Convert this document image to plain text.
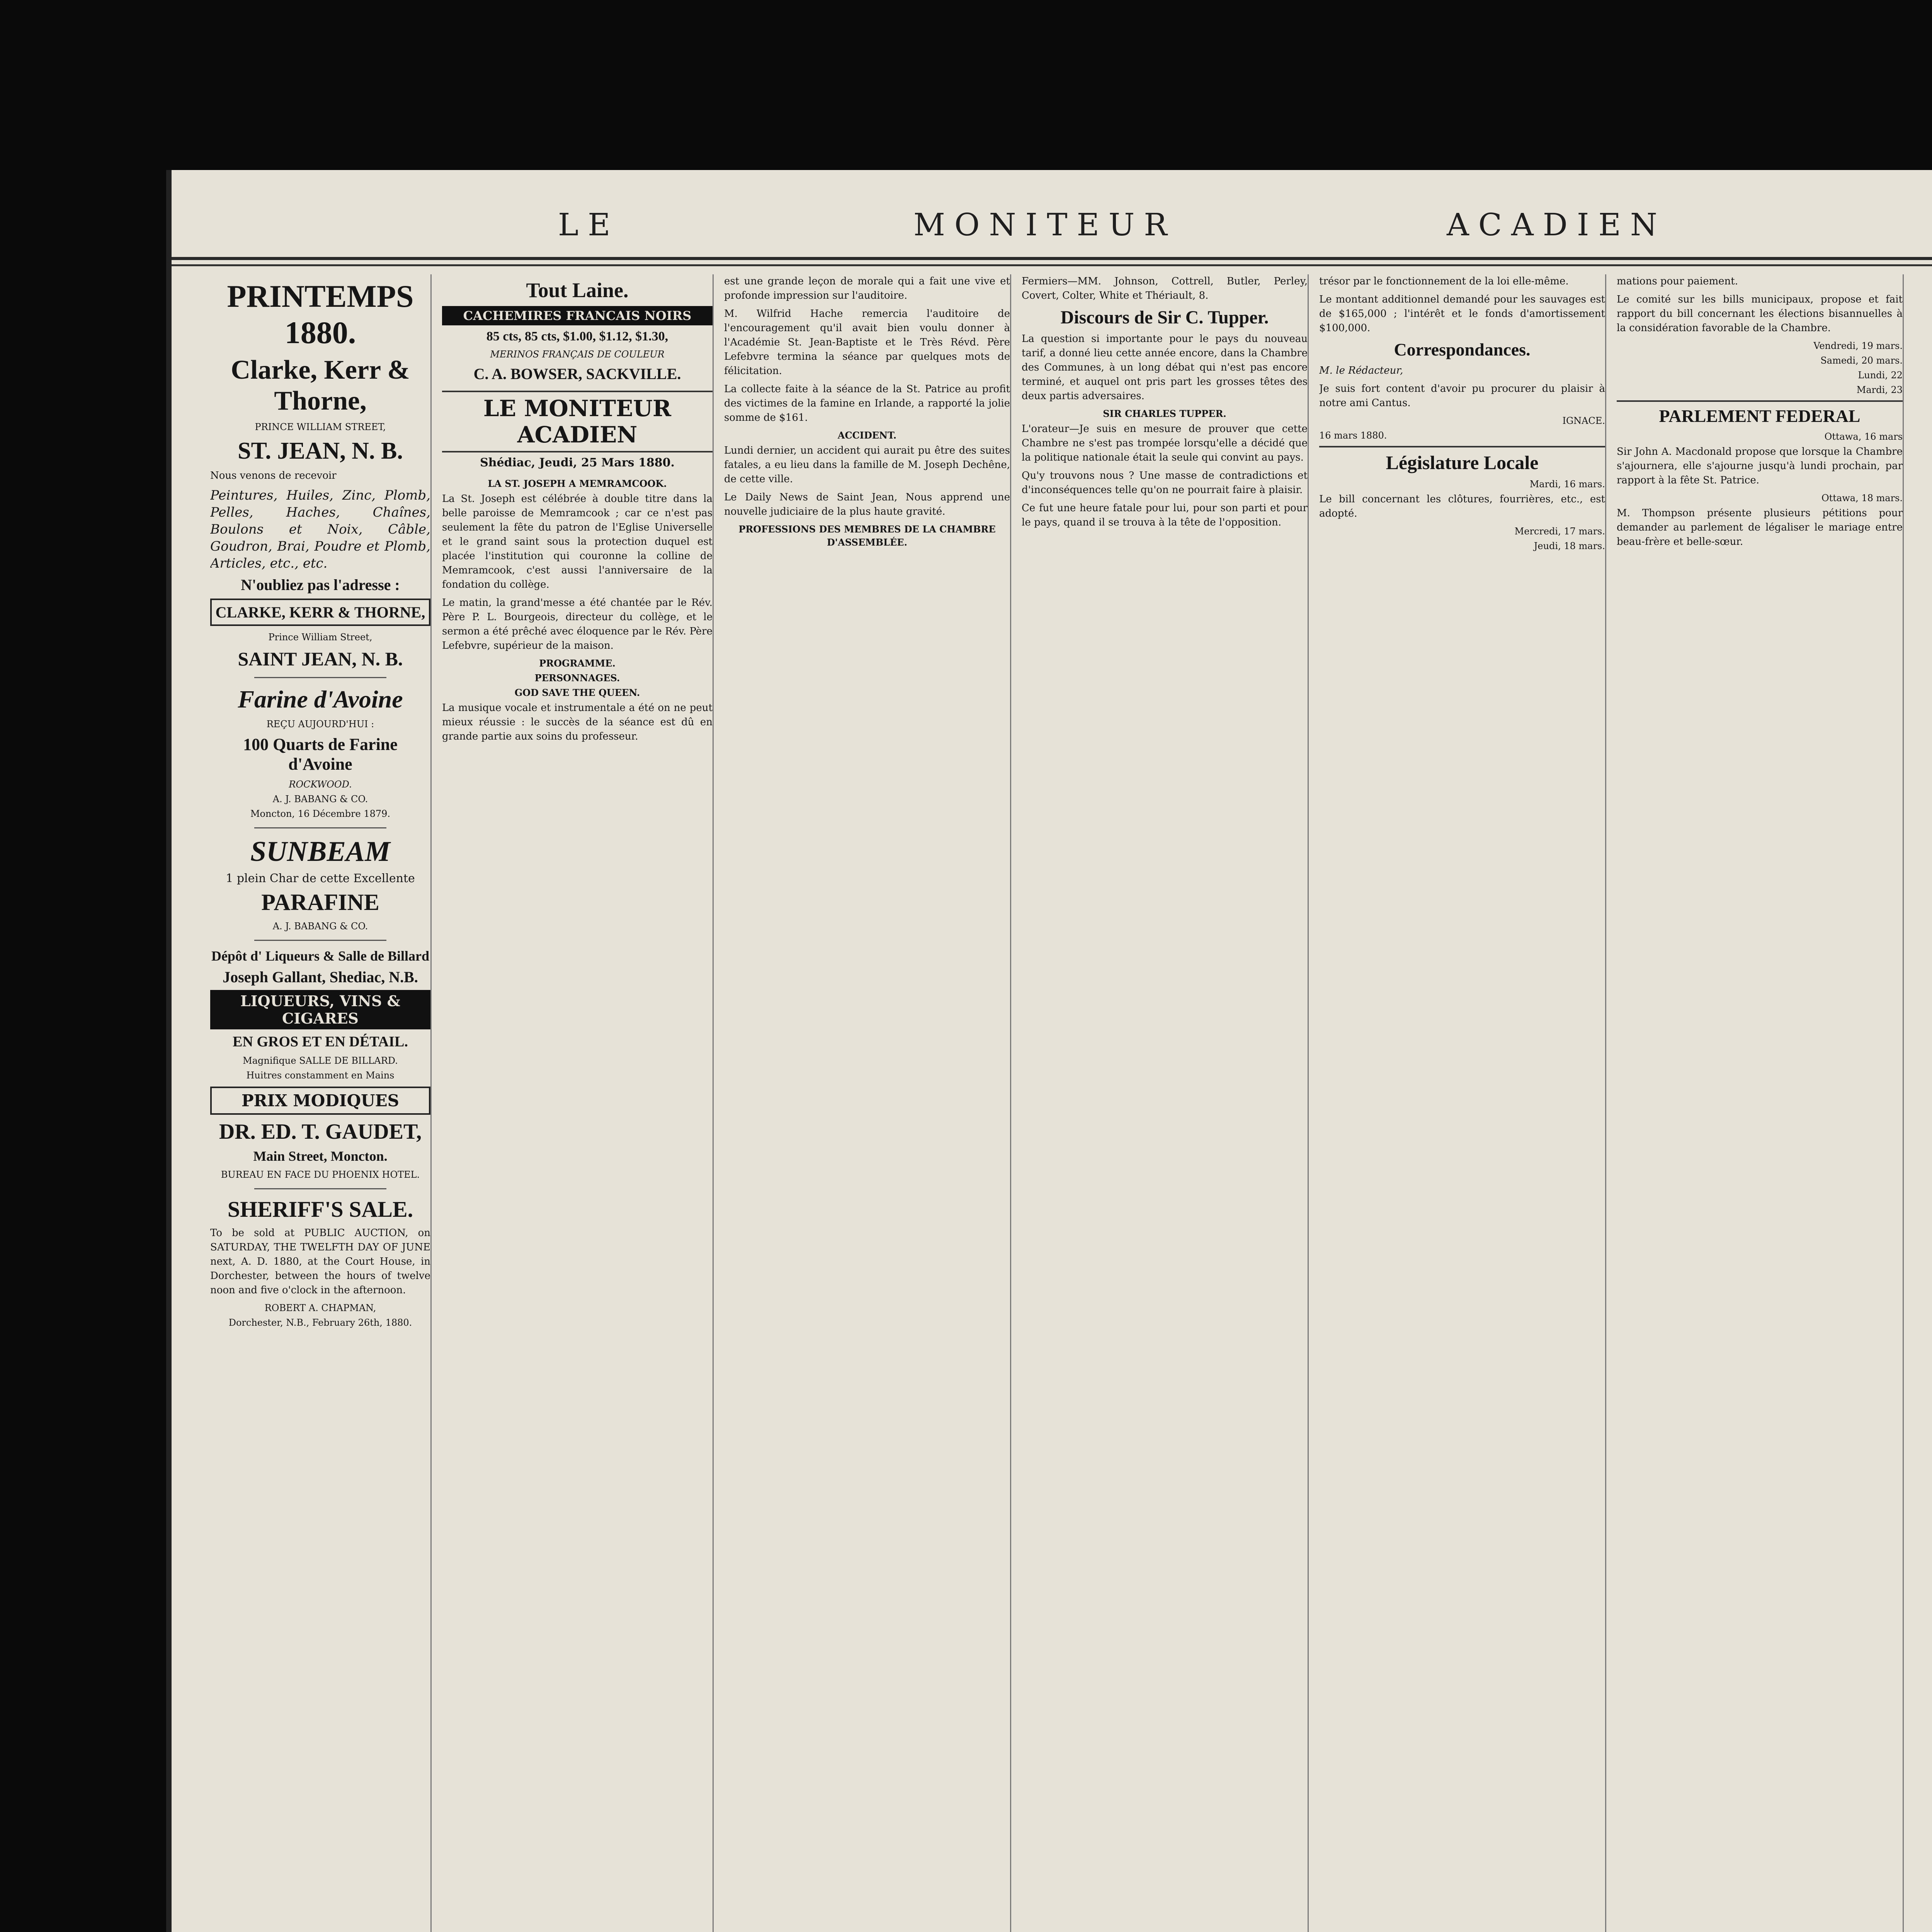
LE	MONITEUR	ACADIEN
PRINTEMPS 1880.
Clarke, Kerr & Thorne,
PRINCE WILLIAM STREET,
ST. JEAN, N. B.

Nous venons de recevoir

Peintures, Huiles, Zinc, Plomb, Pelles, Haches, Chaînes, Boulons et Noix, Câble, Goudron, Brai, Poudre et Plomb, Articles, etc., etc.

N'oubliez pas l'adresse :
CLARKE, KERR & THORNE,
Prince William Street,
SAINT JEAN, N. B.
Farine d'Avoine
REÇU AUJOURD'HUI :
100 Quarts de Farine d'Avoine
ROCKWOOD.
A. J. BABANG & CO.
Moncton, 16 Décembre 1879.
SUNBEAM
1 plein Char de cette Excellente
PARAFINE
A. J. BABANG & CO.
Dépôt d' Liqueurs & Salle de Billard
Joseph Gallant, Shediac, N.B.
LIQUEURS, VINS & CIGARES
EN GROS ET EN DÉTAIL.
Magnifique SALLE DE BILLARD.
Huitres constamment en Mains
PRIX MODIQUES
DR. ED. T. GAUDET,
Main Street, Moncton.
BUREAU EN FACE DU PHOENIX HOTEL.
SHERIFF'S SALE.

To be sold at PUBLIC AUCTION, on SATURDAY, THE TWELFTH DAY OF JUNE next, A. D. 1880, at the Court House, in Dorchester, between the hours of twelve noon and five o'clock in the afternoon.

ROBERT A. CHAPMAN,
Dorchester, N.B., February 26th, 1880.
Tout Laine.
CACHEMIRES FRANCAIS NOIRS
85 cts, 85 cts, $1.00, $1.12, $1.30,
MERINOS FRANÇAIS DE COULEUR
C. A. BOWSER, SACKVILLE.
LE MONITEUR ACADIEN
Shédiac, Jeudi, 25 Mars 1880.
LA ST. JOSEPH A MEMRAMCOOK.

La St. Joseph est célébrée à double titre dans la belle paroisse de Memramcook ; car ce n'est pas seulement la fête du patron de l'Eglise Universelle et le grand saint sous la protection duquel est placée l'institution qui couronne la colline de Memramcook, c'est aussi l'anniversaire de la fondation du collège.

Le matin, la grand'messe a été chantée par le Rév. Père P. L. Bourgeois, directeur du collège, et le sermon a été prêché avec éloquence par le Rév. Père Lefebvre, supérieur de la maison.

PROGRAMME.
PERSONNAGES.
GOD SAVE THE QUEEN.

La musique vocale et instrumentale a été on ne peut mieux réussie : le succès de la séance est dû en grande partie aux soins du professeur.

est une grande leçon de morale qui a fait une vive et profonde impression sur l'auditoire.

M. Wilfrid Hache remercia l'auditoire de l'encouragement qu'il avait bien voulu donner à l'Académie St. Jean-Baptiste et le Très Révd. Père Lefebvre termina la séance par quelques mots de félicitation.

La collecte faite à la séance de la St. Patrice au profit des victimes de la famine en Irlande, a rapporté la jolie somme de $161.

ACCIDENT.

Lundi dernier, un accident qui aurait pu être des suites fatales, a eu lieu dans la famille de M. Joseph Dechêne, de cette ville.

Le Daily News de Saint Jean, Nous apprend une nouvelle judiciaire de la plus haute gravité.

PROFESSIONS DES MEMBRES DE LA CHAMBRE D'ASSEMBLÉE.

Fermiers—MM. Johnson, Cottrell, Butler, Perley, Covert, Colter, White et Thériault, 8.

Discours de Sir C. Tupper.

La question si importante pour le pays du nouveau tarif, a donné lieu cette année encore, dans la Chambre des Communes, à un long débat qui n'est pas encore terminé, et auquel ont pris part les grosses têtes des deux partis adversaires.

SIR CHARLES TUPPER.

L'orateur—Je suis en mesure de prouver que cette Chambre ne s'est pas trompée lorsqu'elle a décidé que la politique nationale était la seule qui convint au pays.

Qu'y trouvons nous ? Une masse de contradictions et d'inconséquences telle qu'on ne pourrait faire à plaisir.

Ce fut une heure fatale pour lui, pour son parti et pour le pays, quand il se trouva à la tête de l'opposition.

trésor par le fonctionnement de la loi elle-même.

Le montant additionnel demandé pour les sauvages est de $165,000 ; l'intérêt et le fonds d'amortissement $100,000.

Correspondances.

M. le Rédacteur,

Je suis fort content d'avoir pu procurer du plaisir à notre ami Cantus.

IGNACE.
16 mars 1880.
Législature Locale
Mardi, 16 mars.

Le bill concernant les clôtures, fourrières, etc., est adopté.

Mercredi, 17 mars.
Jeudi, 18 mars.

mations pour paiement.

Le comité sur les bills municipaux, propose et fait rapport du bill concernant les élections bisannuelles à la considération favorable de la Chambre.

Vendredi, 19 mars.
Samedi, 20 mars.
Lundi, 22
Mardi, 23
PARLEMENT FEDERAL
Ottawa, 16 mars

Sir John A. Macdonald propose que lorsque la Chambre s'ajournera, elle s'ajourne jusqu'à lundi prochain, par rapport à la fête St. Patrice.

Ottawa, 18 mars.

M. Thompson présente plusieurs pétitions pour demander au parlement de légaliser le mariage entre beau-frère et belle-sœur.
